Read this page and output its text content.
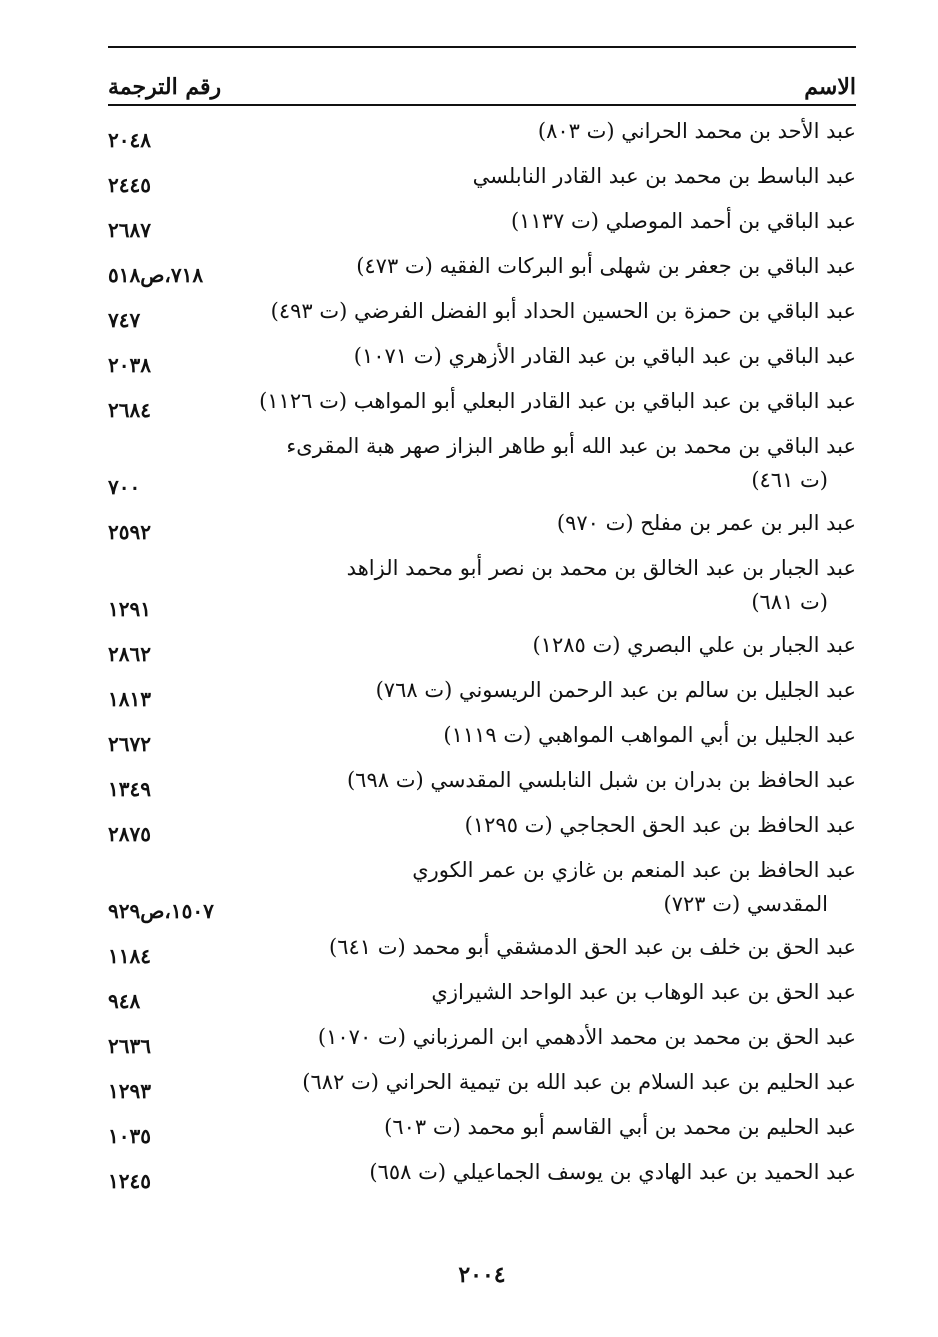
الاسم
رقم الترجمة
عبد الأحد بن محمد الحراني (ت ٨٠٣)
٢٠٤٨
عبد الباسط بن محمد بن عبد القادر النابلسي
٢٤٤٥
عبد الباقي بن أحمد الموصلي (ت ١١٣٧)
٢٦٨٧
عبد الباقي بن جعفر بن شهلى أبو البركات الفقيه (ت ٤٧٣)
٧١٨،ص٥١٨
عبد الباقي بن حمزة بن الحسين الحداد أبو الفضل الفرضي (ت ٤٩٣)
٧٤٧
عبد الباقي بن عبد الباقي بن عبد القادر الأزهري (ت ١٠٧١)
٢٠٣٨
عبد الباقي بن عبد الباقي بن عبد القادر البعلي أبو المواهب (ت ١١٢٦)
٢٦٨٤
عبد الباقي بن محمد بن عبد الله أبو طاهر البزاز صهر هبة المقرىء
(ت ٤٦١)
٧٠٠
عبد البر بن عمر بن مفلح (ت ٩٧٠)
٢٥٩٢
عبد الجبار بن عبد الخالق بن محمد بن نصر أبو محمد الزاهد
(ت ٦٨١)
١٢٩١
عبد الجبار بن علي البصري (ت ١٢٨٥)
٢٨٦٢
عبد الجليل بن سالم بن عبد الرحمن الريسوني (ت ٧٦٨)
١٨١٣
عبد الجليل بن أبي المواهب المواهبي (ت ١١١٩)
٢٦٧٢
عبد الحافظ بن بدران بن شبل النابلسي المقدسي (ت ٦٩٨)
١٣٤٩
عبد الحافظ بن عبد الحق الحجاجي (ت ١٢٩٥)
٢٨٧٥
عبد الحافظ بن عبد المنعم بن غازي بن عمر الكوري
المقدسي (ت ٧٢٣)
١٥٠٧،ص٩٢٩
عبد الحق بن خلف بن عبد الحق الدمشقي أبو محمد (ت ٦٤١)
١١٨٤
عبد الحق بن عبد الوهاب بن عبد الواحد الشيرازي
٩٤٨
عبد الحق بن محمد بن محمد الأدهمي ابن المرزباني (ت ١٠٧٠)
٢٦٣٦
عبد الحليم بن عبد السلام بن عبد الله بن تيمية الحراني (ت ٦٨٢)
١٢٩٣
عبد الحليم بن محمد بن أبي القاسم أبو محمد (ت ٦٠٣)
١٠٣٥
عبد الحميد بن عبد الهادي بن يوسف الجماعيلي (ت ٦٥٨)
١٢٤٥
٢٠٠٤
